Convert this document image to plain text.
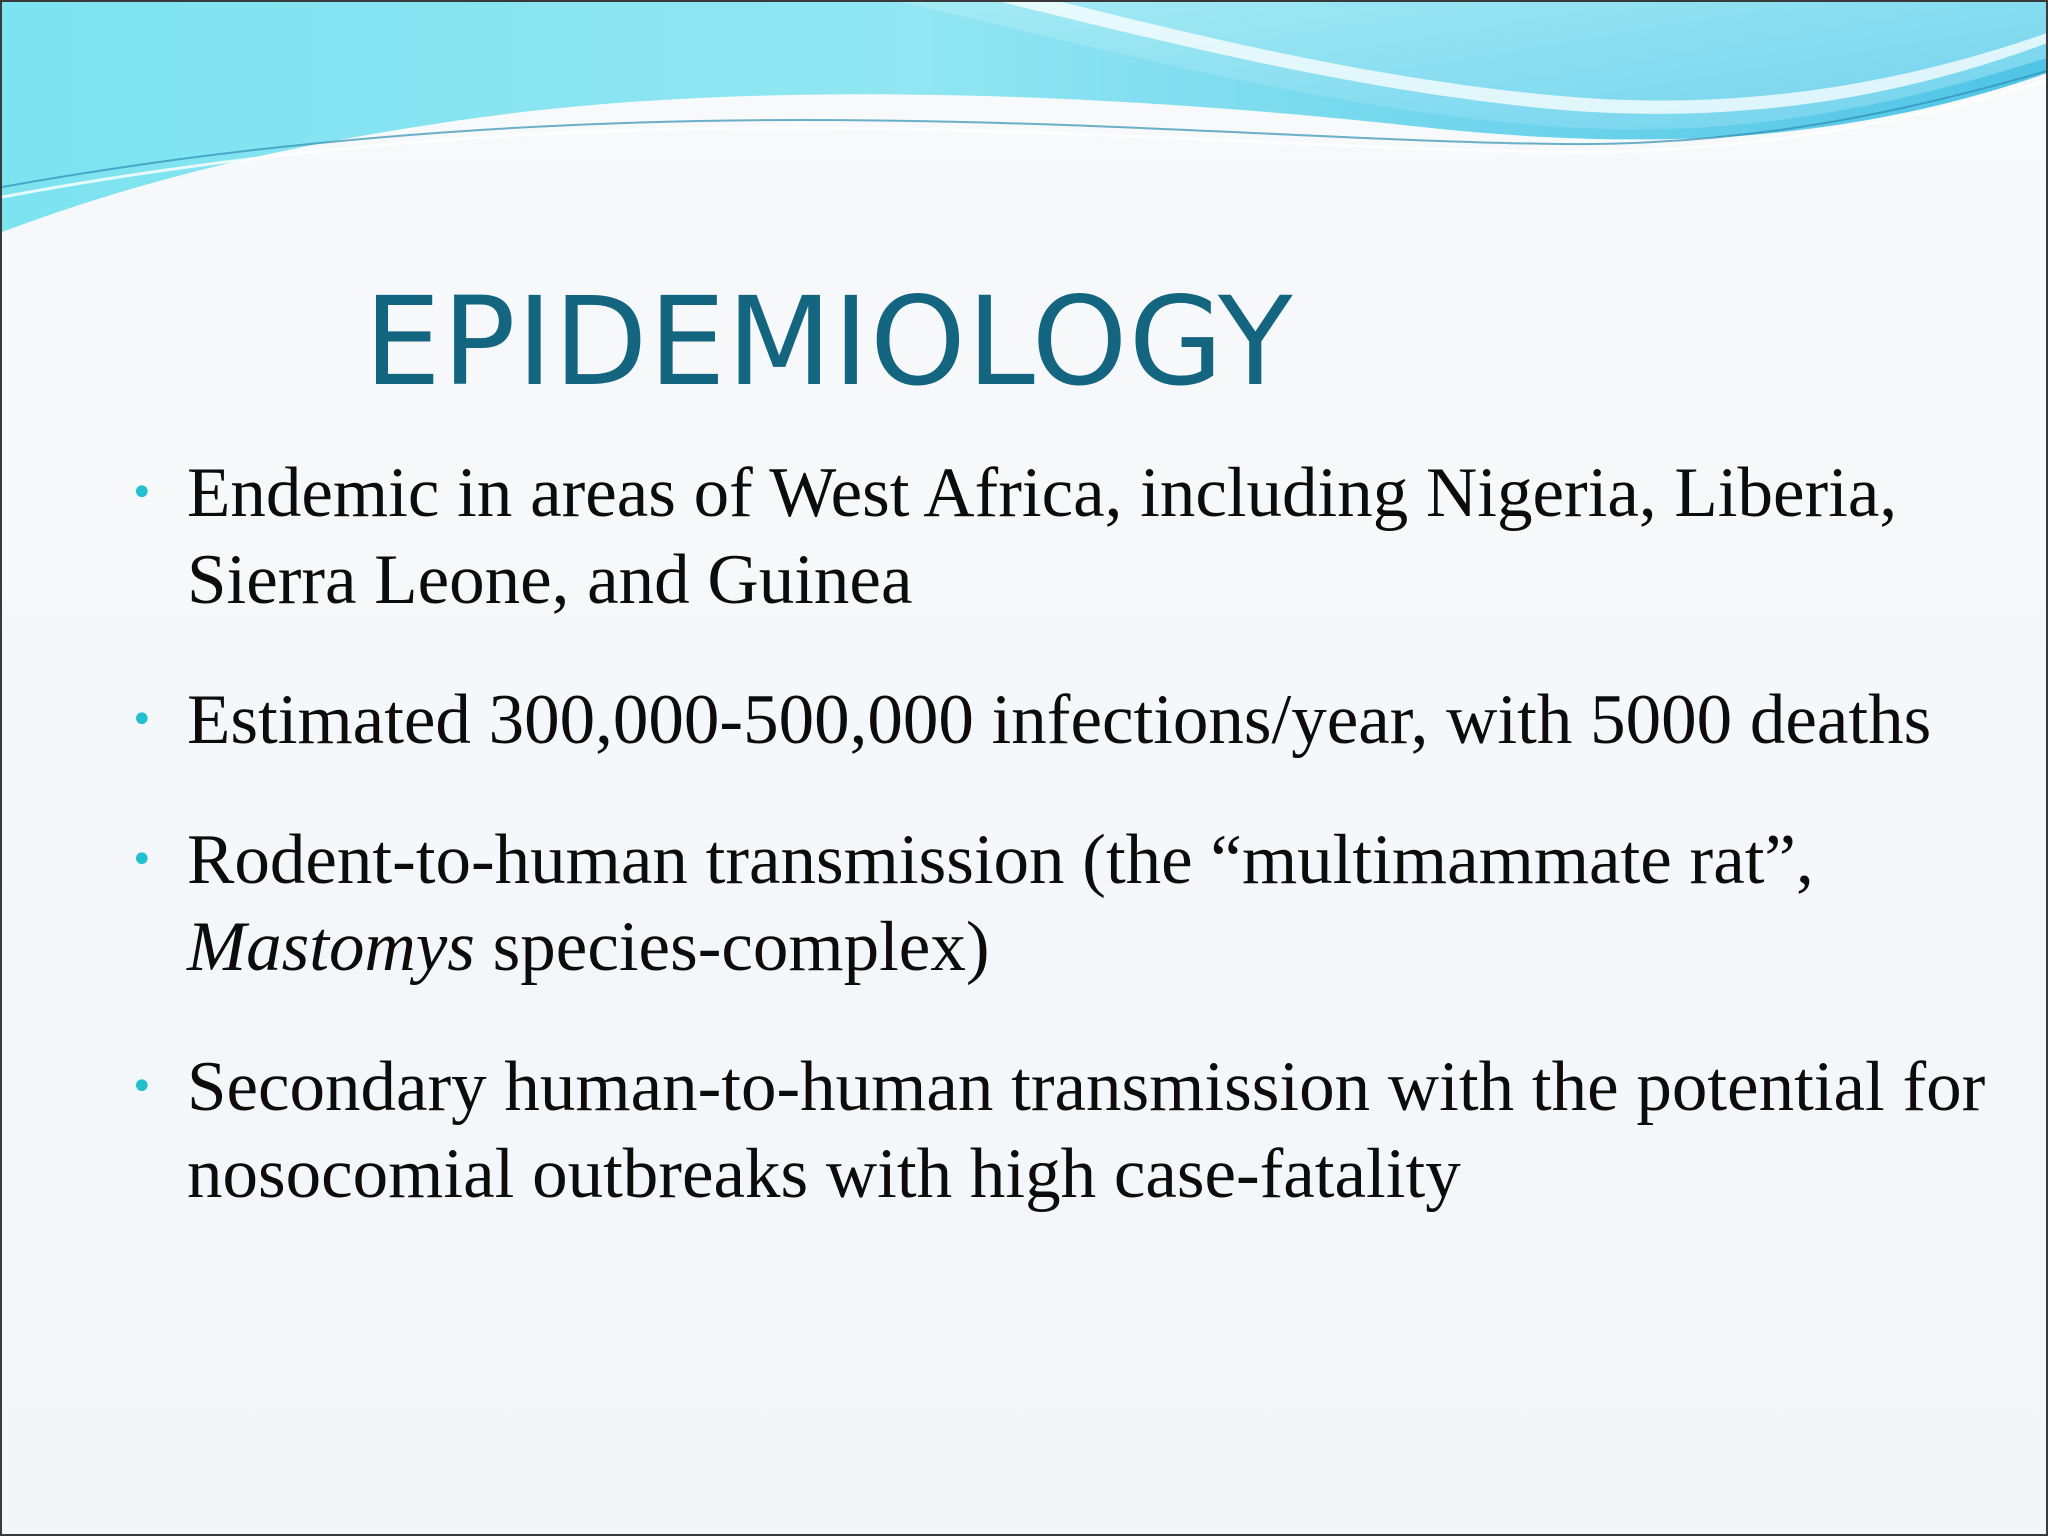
EPIDEMIOLOGY
• Endemic in areas of West Africa, including Nigeria, Liberia, Sierra Leone, and Guinea
• Estimated 300,000-500,000 infections/year, with 5000 deaths
• Rodent-to-human transmission (the “multimammate rat”, Mastomys species-complex)
• Secondary human-to-human transmission with the potential for nosocomial outbreaks with high case-fatality
